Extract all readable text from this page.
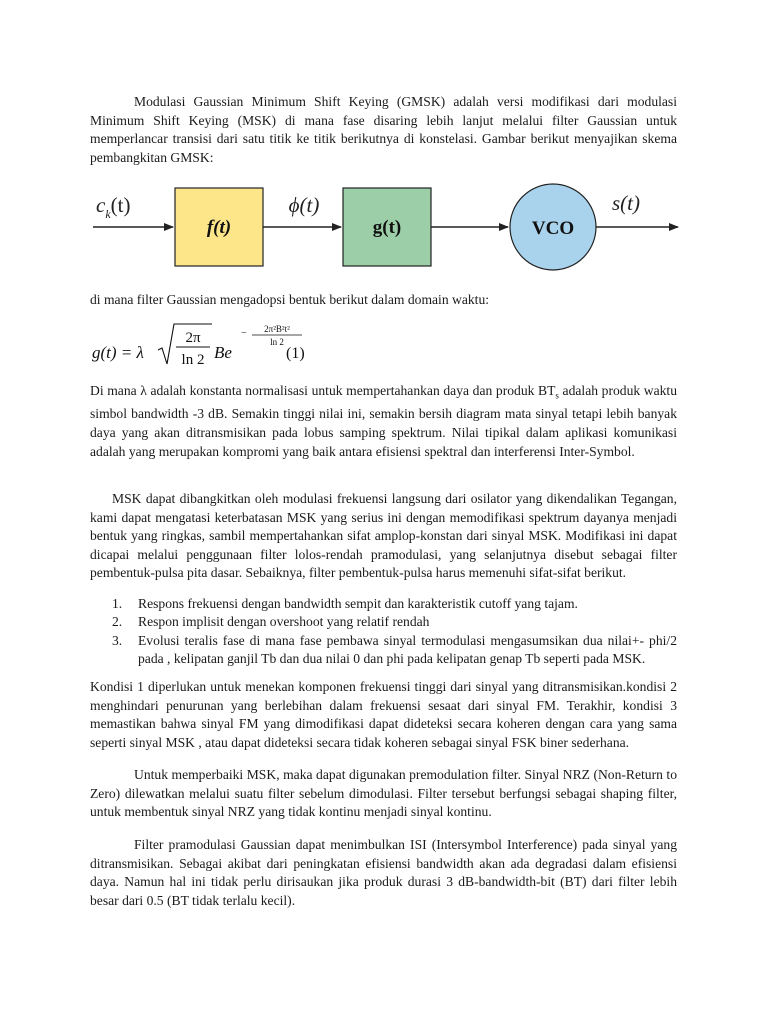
Modulasi Gaussian Minimum Shift Keying (GMSK) adalah versi modifikasi dari modulasi Minimum Shift Keying (MSK) di mana fase disaring lebih lanjut melalui filter Gaussian untuk memperlancar transisi dari satu titik ke titik berikutnya di konstelasi. Gambar berikut menyajikan skema pembangkitan GMSK:

$c_k(t)$
f(t)
ϕ(t)
g(t)	VCO
s(t)

di mana filter Gaussian mengadopsi bentuk berikut dalam domain waktu:

g(t) = λ
2π
ln 2 Be
− 2π²B²t²
ln 2
(1)

Di mana λ adalah konstanta normalisasi untuk mempertahankan daya dan produk $BT_s$ adalah produk waktu simbol bandwidth -3 dB. Semakin tinggi nilai ini, semakin bersih diagram mata sinyal tetapi lebih banyak daya yang akan ditransmisikan pada lobus samping spektrum. Nilai tipikal dalam aplikasi komunikasi adalah yang merupakan kompromi yang baik antara efisiensi spektral dan interferensi Inter-Symbol.

MSK dapat dibangkitkan oleh modulasi frekuensi langsung dari osilator yang dikendalikan Tegangan, kami dapat mengatasi keterbatasan MSK yang serius ini dengan memodifikasi spektrum dayanya menjadi bentuk yang ringkas, sambil mempertahankan sifat amplop-konstan dari sinyal MSK. Modifikasi ini dapat dicapai melalui penggunaan filter lolos-rendah pramodulasi, yang selanjutnya disebut sebagai filter pembentuk-pulsa pita dasar. Sebaiknya, filter pembentuk-pulsa harus memenuhi sifat-sifat berikut.

1. Respons frekuensi dengan bandwidth sempit dan karakteristik cutoff yang tajam.
2. Respon implisit dengan overshoot yang relatif rendah
3. Evolusi teralis fase di mana fase pembawa sinyal termodulasi mengasumsikan dua nilai+- phi/2 pada , kelipatan ganjil Tb dan dua nilai 0 dan phi pada kelipatan genap Tb seperti pada MSK.

Kondisi 1 diperlukan untuk menekan komponen frekuensi tinggi dari sinyal yang ditransmisikan.kondisi 2 menghindari penurunan yang berlebihan dalam frekuensi sesaat dari sinyal FM. Terakhir, kondisi 3 memastikan bahwa sinyal FM yang dimodifikasi dapat dideteksi secara koheren dengan cara yang sama seperti sinyal MSK , atau dapat dideteksi secara tidak koheren sebagai sinyal FSK biner sederhana.

Untuk memperbaiki MSK, maka dapat digunakan premodulation filter. Sinyal NRZ (Non-Return to Zero) dilewatkan melalui suatu filter sebelum dimodulasi. Filter tersebut berfungsi sebagai shaping filter, untuk membentuk sinyal NRZ yang tidak kontinu menjadi sinyal kontinu.

Filter pramodulasi Gaussian dapat menimbulkan ISI (Intersymbol Interference) pada sinyal yang ditransmisikan. Sebagai akibat dari peningkatan efisiensi bandwidth akan ada degradasi dalam efisiensi daya. Namun hal ini tidak perlu dirisaukan jika produk durasi 3 dB-bandwidth-bit (BT) dari filter lebih besar dari 0.5 (BT tidak terlalu kecil).
